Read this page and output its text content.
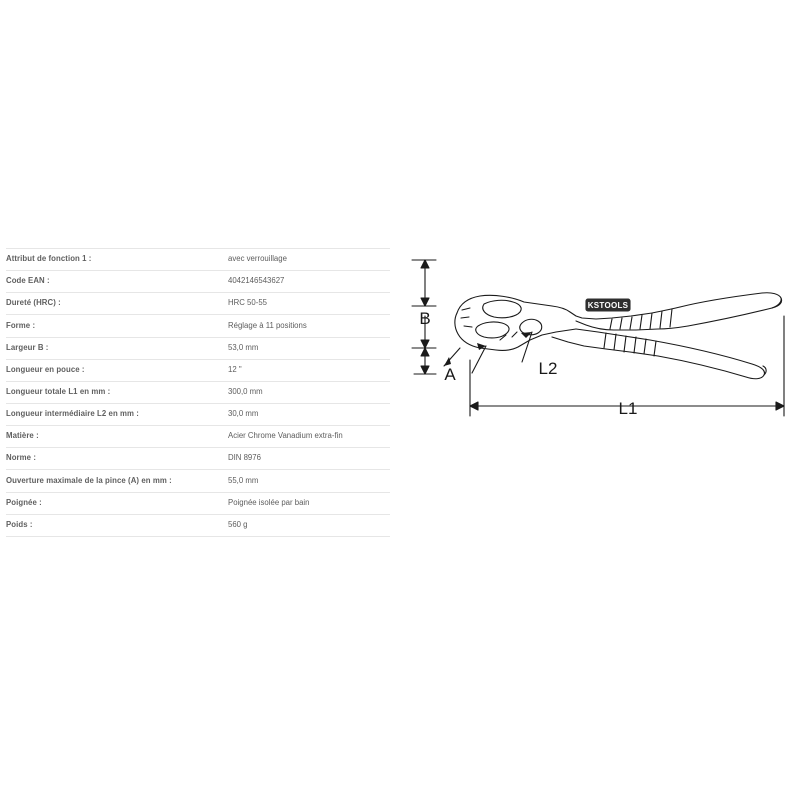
Attribut de fonction 1 :	avec verrouillage
Code EAN :	4042146543627
Dureté (HRC) :	HRC 50-55
Forme :	Réglage à 11 positions
Largeur B :	53,0 mm
Longueur en pouce :	12 "
Longueur totale L1 en mm :	300,0 mm
Longueur intermédiaire L2 en mm :	30,0 mm
Matière :	Acier Chrome Vanadium extra-fin
Norme :	DIN 8976
Ouverture maximale de la pince (A) en mm :	55,0 mm
Poignée :	Poignée isolée par bain
Poids :	560 g
KSTOOLS
B
A	L2
L1
